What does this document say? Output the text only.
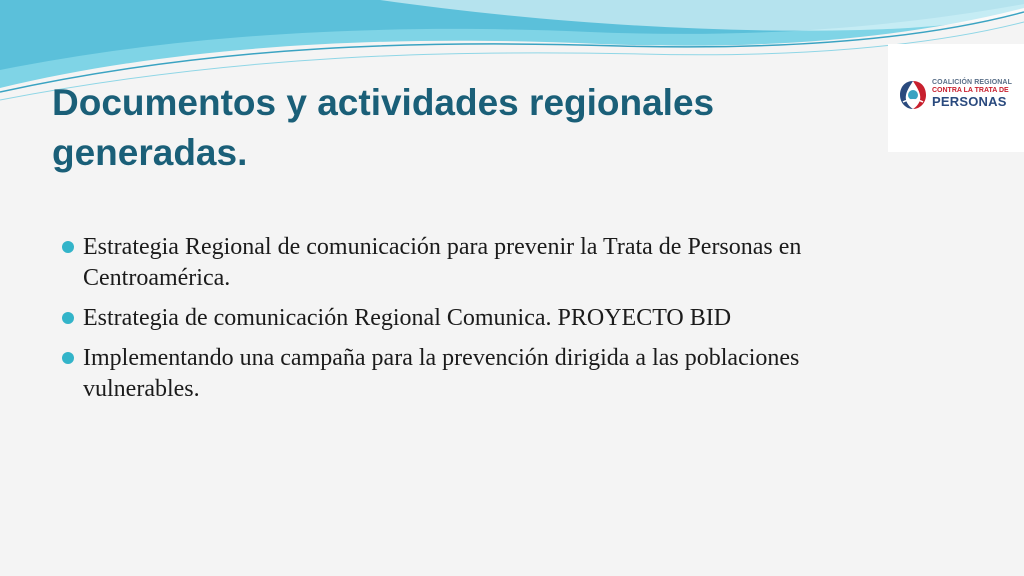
Documentos y actividades regionales generadas.
COALICIÓN REGIONAL
CONTRA LA TRATA DE
PERSONAS
Estrategia Regional de comunicación para prevenir la Trata de Personas en Centroamérica.
Estrategia de comunicación Regional Comunica. PROYECTO BID
Implementando una campaña para la prevención dirigida a las poblaciones vulnerables.
